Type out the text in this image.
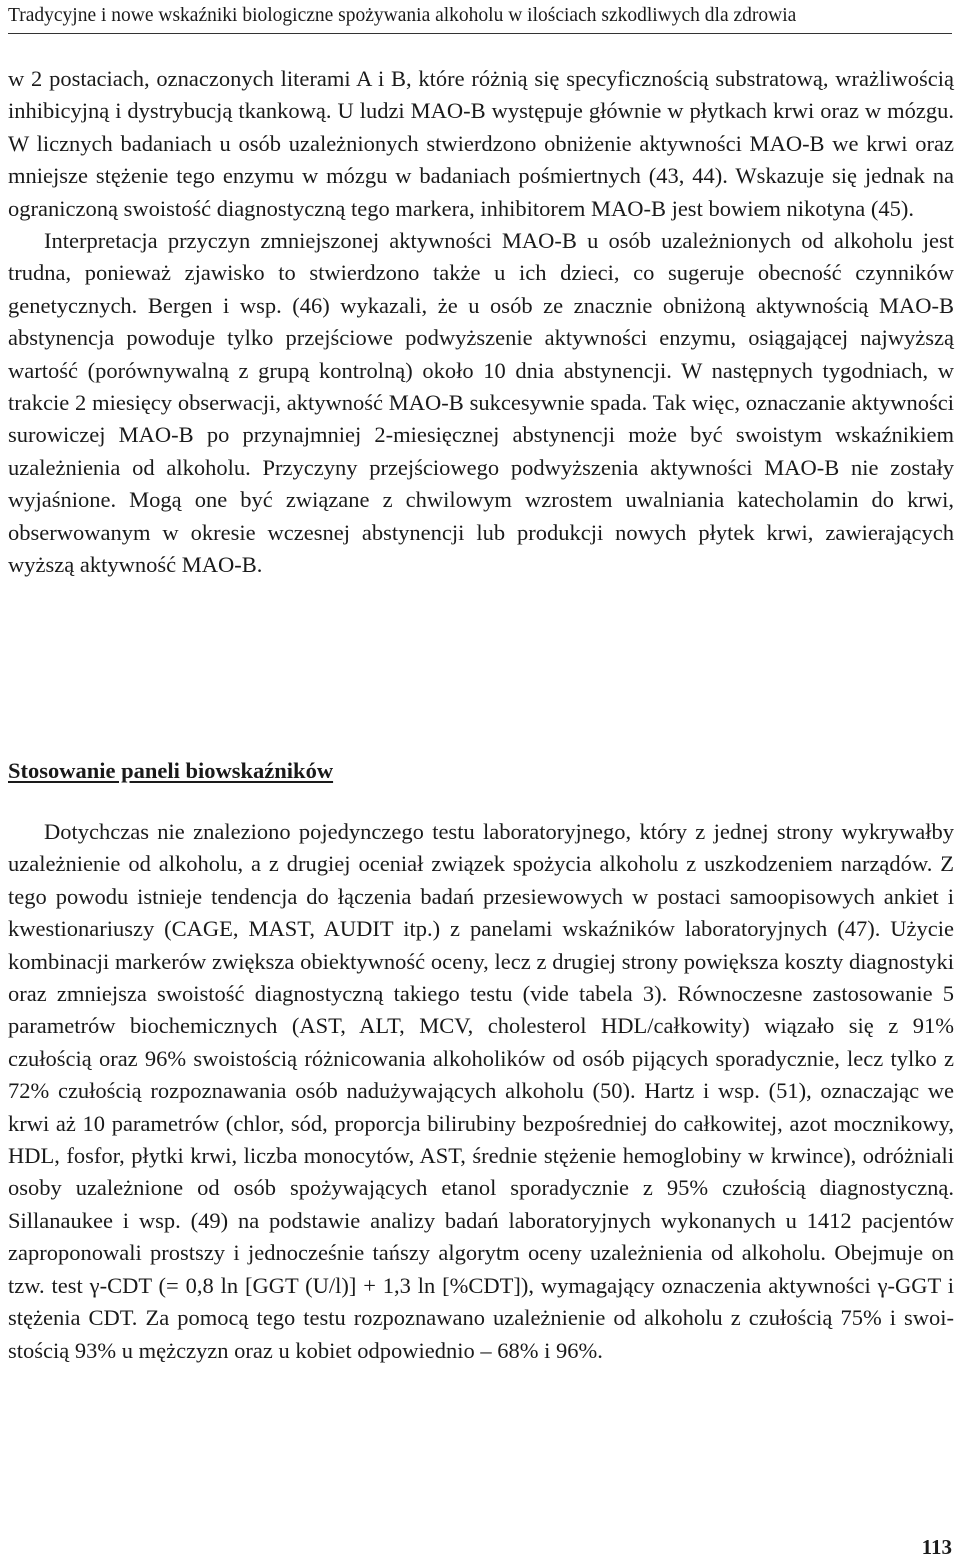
Tradycyjne i nowe wskaźniki biologiczne spożywania alkoholu w ilościach szkodliwych dla zdrowia

w 2 postaciach, oznaczonych literami A i B, które różnią się specyficznością substratową, wrażliwością inhibicyjną i dystrybucją tkankową. U ludzi MAO-B występuje głównie w płytkach krwi oraz w mózgu. W licznych badaniach u osób uzależnionych stwierdzono obniżenie aktywności MAO-B we krwi oraz mniejsze stężenie tego enzymu w mózgu w badaniach pośmiertnych (43, 44). Wskazuje się jednak na ograniczoną swoistość diagnostyczną tego markera, inhibitorem MAO-B jest bowiem nikotyna (45).

Interpretacja przyczyn zmniejszonej aktywności MAO-B u osób uzależnionych od alkoholu jest trudna, ponieważ zjawisko to stwierdzono także u ich dzieci, co sugeruje obecność czynników genetycznych. Bergen i wsp. (46) wykazali, że u osób ze znacznie obniżoną aktywnością MAO-B abstynencja powoduje tylko przejściowe podwyższenie aktywności enzymu, osiągającej najwyższą wartość (porównywalną z grupą kontrolną) około 10 dnia abstynencji. W następnych tygodniach, w trakcie 2 miesięcy obserwacji, aktywność MAO-B sukcesywnie spada. Tak więc, oznaczanie aktywności surowiczej MAO-B po przynajmniej 2-miesięcznej abstynencji może być swoistym wskaźnikiem uzależnienia od alkoholu. Przyczyny przejściowego podwyższenia aktywności MAO-B nie zostały wyjaśnione. Mogą one być związane z chwilowym wzrostem uwalniania katecholamin do krwi, obserwowanym w okresie wczesnej abstynencji lub produkcji nowych płytek krwi, zawierających wyższą aktywność MAO-B.

Stosowanie paneli biowskaźników

Dotychczas nie znaleziono pojedynczego testu laboratoryjnego, który z jednej strony wykrywałby uzależnienie od alkoholu, a z drugiej oceniał związek spożycia alkoholu z uszkodzeniem narządów. Z tego powodu istnieje tendencja do łączenia badań przesiewowych w postaci samoopisowych ankiet i kwestionariuszy (CAGE, MAST, AUDIT itp.) z panelami wskaźników laboratoryjnych (47). Użycie kombinacji markerów zwiększa obiektywność oceny, lecz z drugiej strony powiększa koszty diagnostyki oraz zmniejsza swoistość diagnostyczną takiego testu (vide tabela 3). Równoczesne zastosowanie 5 parametrów biochemicznych (AST, ALT, MCV, cholesterol HDL/całkowity) wiązało się z 91% czułością oraz 96% swoistością różnicowania alkoholików od osób pijących sporadycznie, lecz tylko z 72% czułością rozpoznawania osób nadużywających alkoholu (50). Hartz i wsp. (51), oznaczając we krwi aż 10 parametrów (chlor, sód, proporcja bilirubiny bezpośredniej do całkowitej, azot mocznikowy, HDL, fosfor, płytki krwi, liczba monocytów, AST, średnie stężenie hemoglobiny w krwince), odróżniali osoby uzależnione od osób spożywających etanol sporadycznie z 95% czułością diagnostyczną. Sillanaukee i wsp. (49) na podstawie analizy badań laboratoryjnych wykonanych u 1412 pacjentów zaproponowali prostszy i jednocześnie tańszy algorytm oceny uzależnienia od alkoholu. Obejmuje on tzw. test γ-CDT (= 0,8 ln [GGT (U/l)] + 1,3 ln [%CDT]), wymagający oznaczenia aktywności γ-GGT i stężenia CDT. Za pomocą tego testu rozpoznawano uzależnienie od alkoholu z czułością 75% i swoistością 93% u mężczyzn oraz u kobiet odpowiednio – 68% i 96%.

113
